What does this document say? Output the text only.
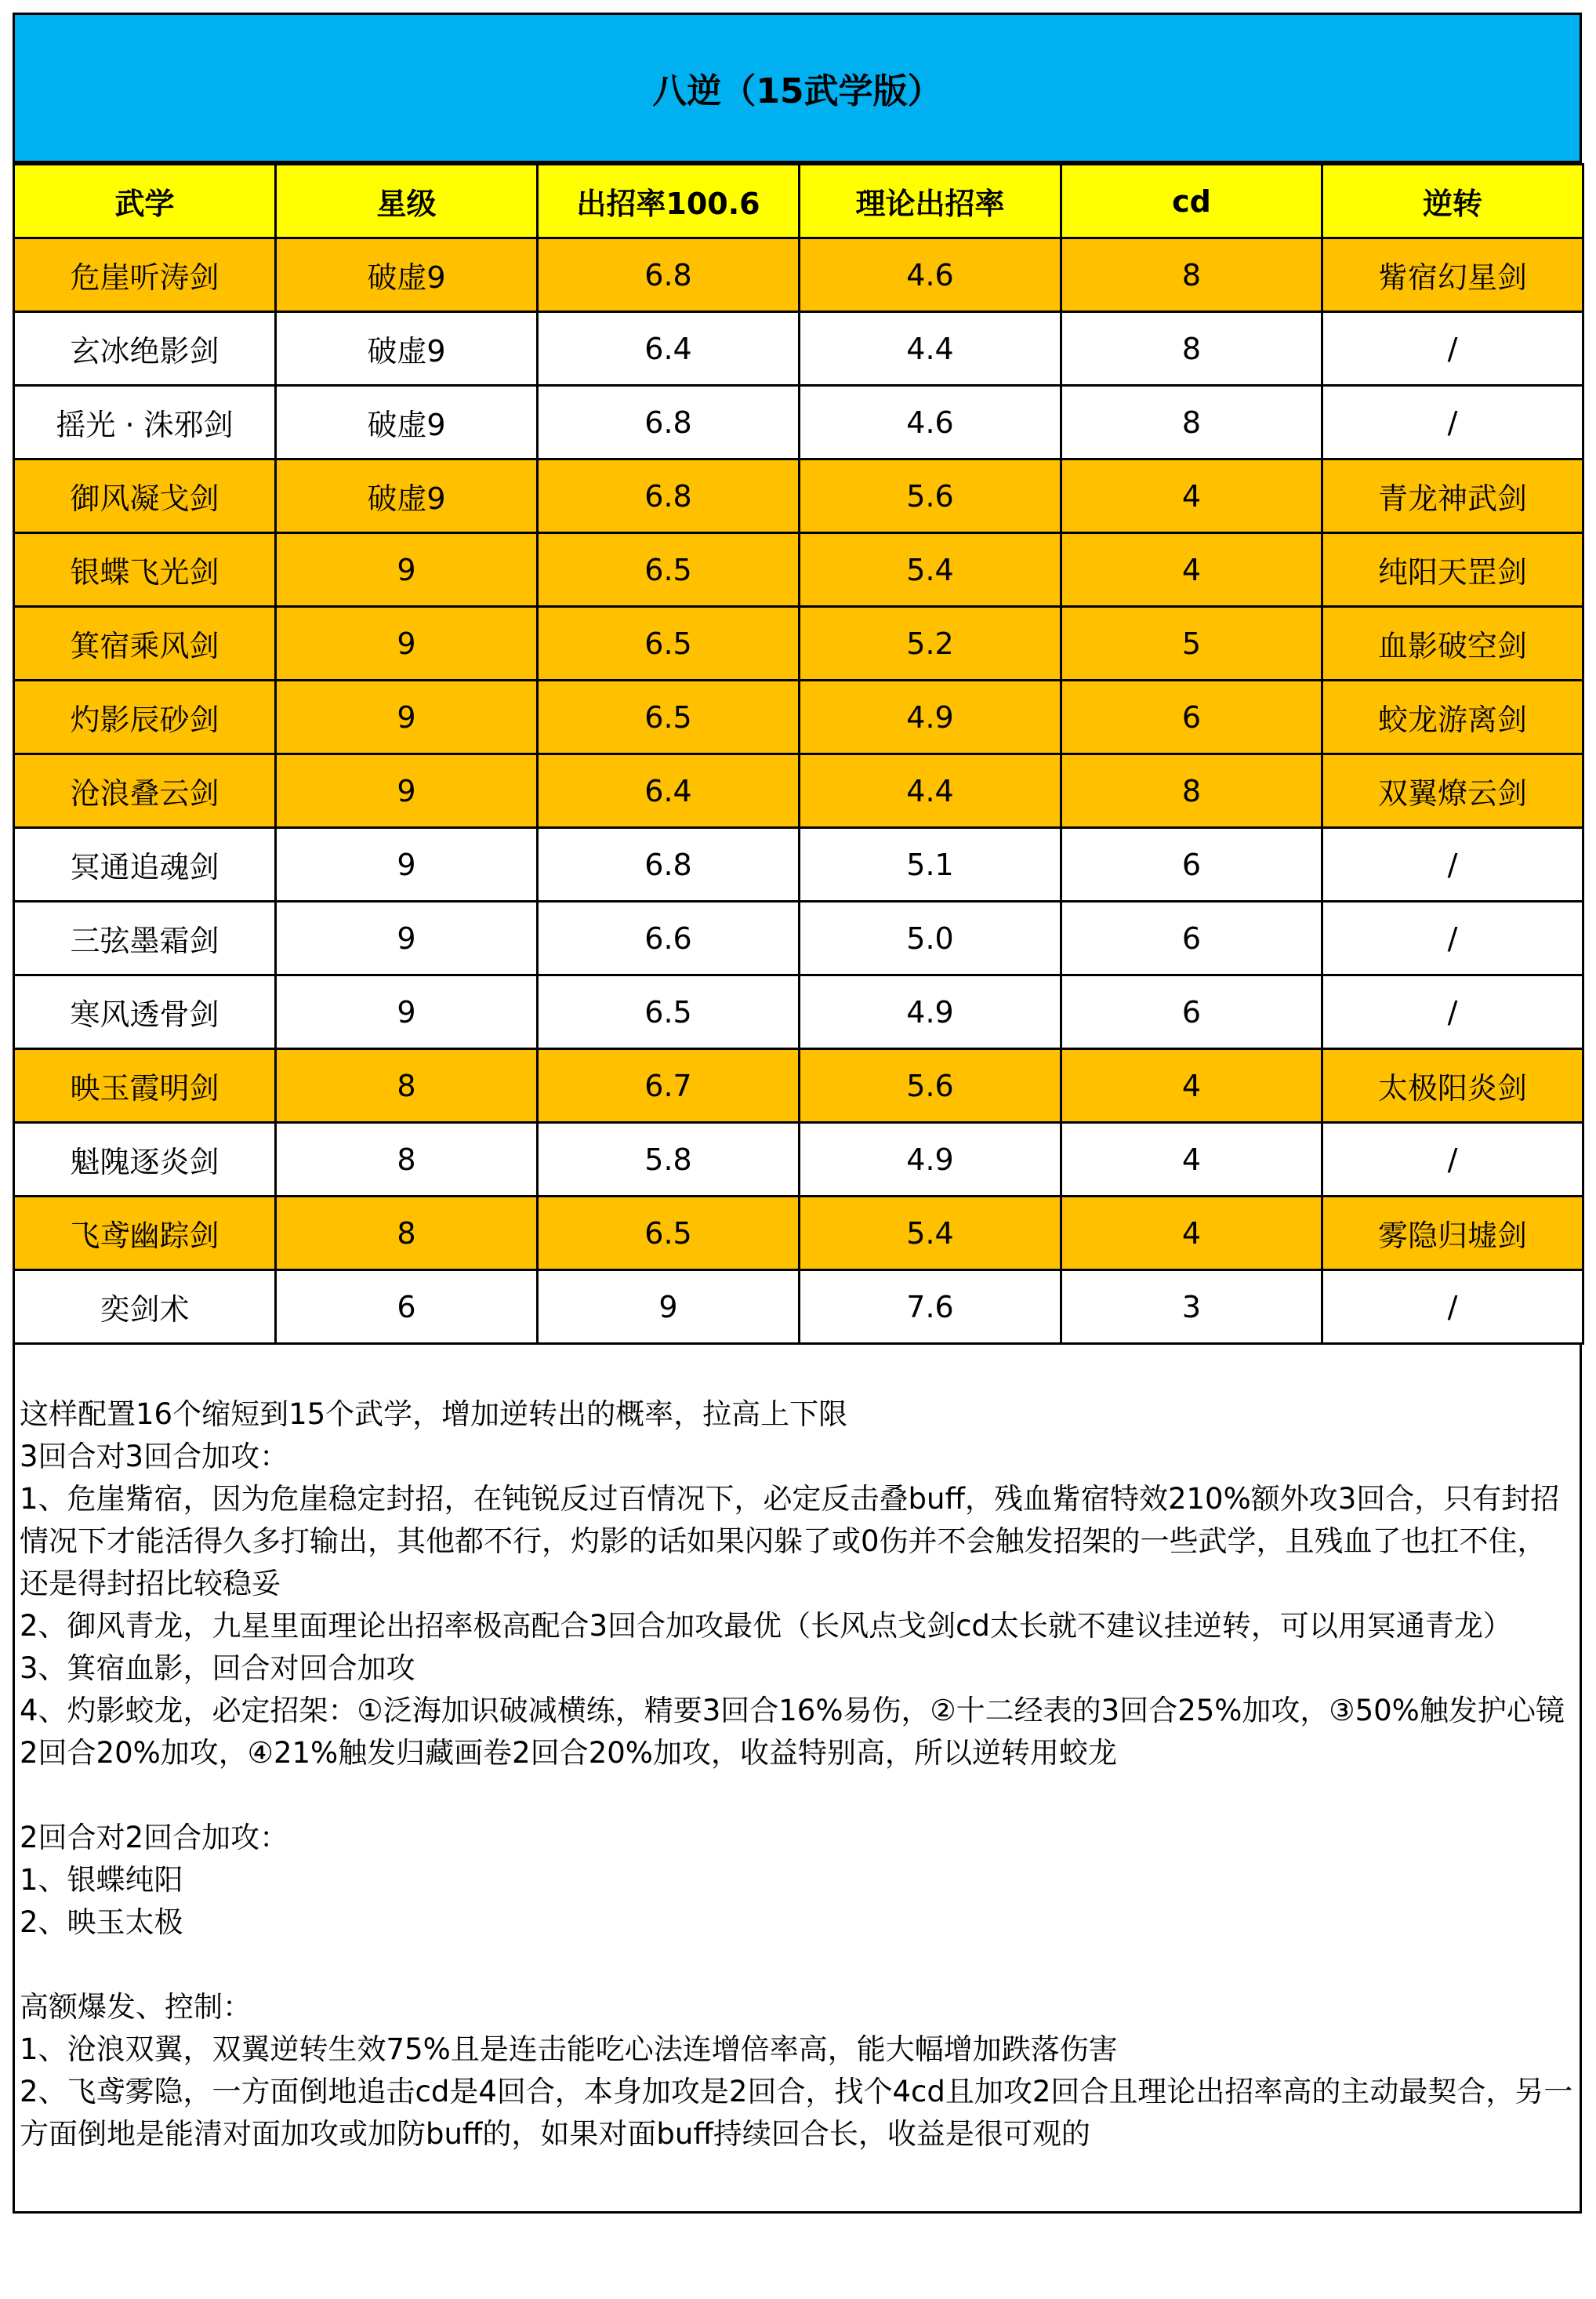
八逆（15武学版）
武学	星级	出招率100.6	理论出招率	cd	逆转
危崖听涛剑	破虚9	6.8	4.6	8	觜宿幻星剑
玄冰绝影剑	破虚9	6.4	4.4	8	/
摇光 · 洙邪剑	破虚9	6.8	4.6	8	/
御风凝戈剑	破虚9	6.8	5.6	4	青龙神武剑
银蝶飞光剑	9	6.5	5.4	4	纯阳天罡剑
箕宿乘风剑	9	6.5	5.2	5	血影破空剑
灼影辰砂剑	9	6.5	4.9	6	蛟龙游离剑
沧浪叠云剑	9	6.4	4.4	8	双翼燎云剑
冥通追魂剑	9	6.8	5.1	6	/
三弦墨霜剑	9	6.6	5.0	6	/
寒风透骨剑	9	6.5	4.9	6	/
映玉霞明剑	8	6.7	5.6	4	太极阳炎剑
魁隗逐炎剑	8	5.8	4.9	4	/
飞鸢幽踪剑	8	6.5	5.4	4	雾隐归墟剑
奕剑术	6	9	7.6	3	/

这样配置16个缩短到15个武学，增加逆转出的概率，拉高上下限

3回合对3回合加攻：

1、危崖觜宿，因为危崖稳定封招，在钝锐反过百情况下，必定反击叠buff，残血觜宿特效210%额外攻3回合，只有封招情况下才能活得久多打输出，其他都不行，灼影的话如果闪躲了或0伤并不会触发招架的一些武学，且残血了也扛不住，还是得封招比较稳妥

2、御风青龙，九星里面理论出招率极高配合3回合加攻最优（长风点戈剑cd太长就不建议挂逆转，可以用冥通青龙）

3、箕宿血影，回合对回合加攻

4、灼影蛟龙，必定招架：①泛海加识破减横练，精要3回合16%易伤，②十二经表的3回合25%加攻，③50%触发护心镜2回合20%加攻，④21%触发归藏画卷2回合20%加攻，收益特别高，所以逆转用蛟龙

2回合对2回合加攻：

1、银蝶纯阳

2、映玉太极

高额爆发、控制：

1、沧浪双翼，双翼逆转生效75%且是连击能吃心法连增倍率高，能大幅增加跌落伤害

2、飞鸢雾隐，一方面倒地追击cd是4回合，本身加攻是2回合，找个4cd且加攻2回合且理论出招率高的主动最契合，另一方面倒地是能清对面加攻或加防buff的，如果对面buff持续回合长，收益是很可观的
